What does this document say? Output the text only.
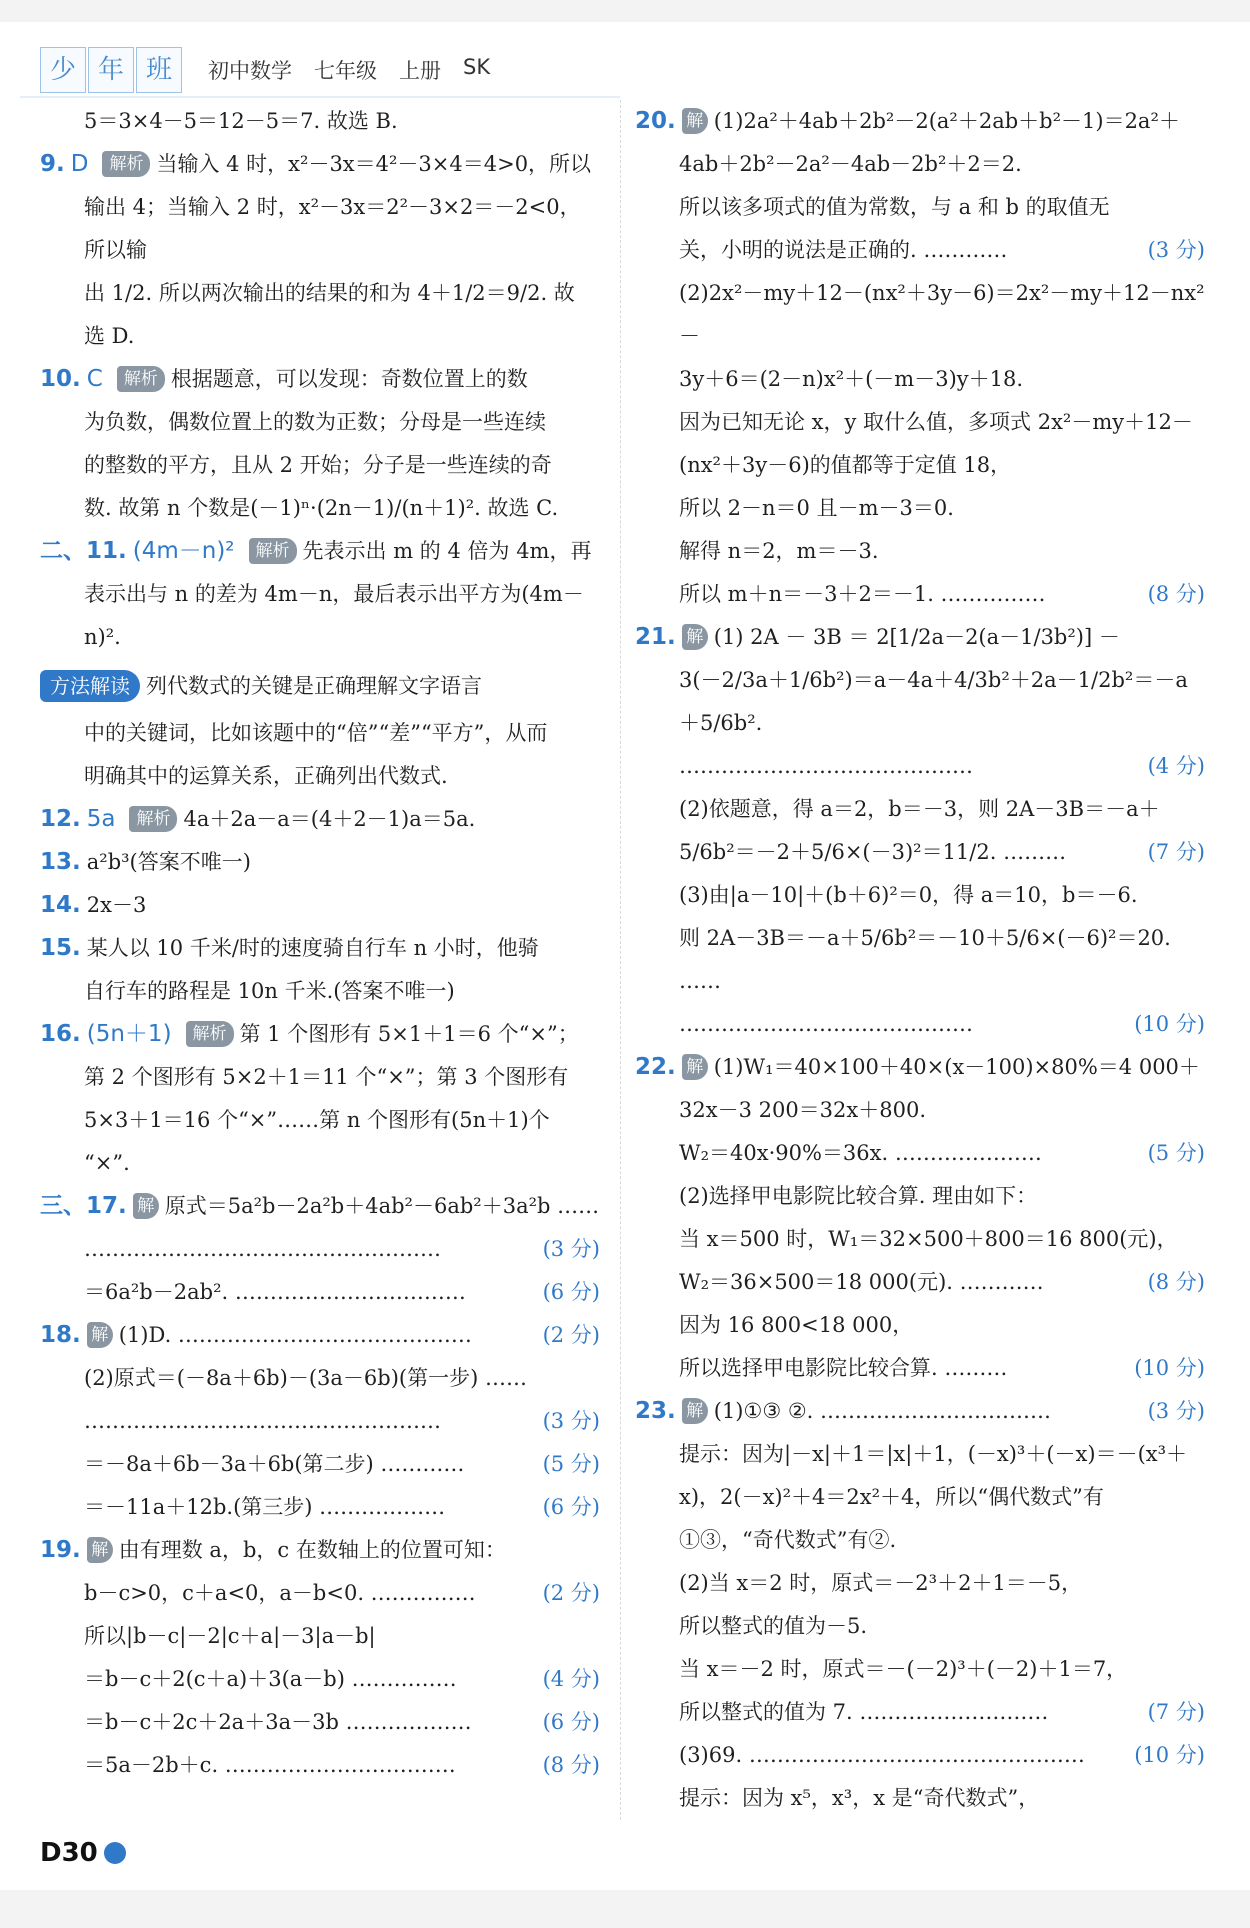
少 年 班	初中数学 七年级 上册 SK
5＝3×4－5＝12－5＝7. 故选 B.
9. D 解析 当输入 4 时，x²－3x＝4²－3×4＝4>0，所以
输出 4；当输入 2 时，x²－3x＝2²－3×2＝－2<0，所以输
出 1/2. 所以两次输出的结果的和为 4＋1/2＝9/2. 故
选 D.
10. C 解析 根据题意，可以发现：奇数位置上的数
为负数，偶数位置上的数为正数；分母是一些连续
的整数的平方，且从 2 开始；分子是一些连续的奇
数. 故第 n 个数是(－1)ⁿ·(2n－1)/(n＋1)². 故选 C.
二、11. (4m－n)² 解析 先表示出 m 的 4 倍为 4m，再
表示出与 n 的差为 4m－n，最后表示出平方为(4m－
n)².
方法解读 列代数式的关键是正确理解文字语言
中的关键词，比如该题中的“倍”“差”“平方”，从而
明确其中的运算关系，正确列出代数式.
12. 5a 解析 4a＋2a－a＝(4＋2－1)a＝5a.
13. a²b³(答案不唯一)
14. 2x－3
15. 某人以 10 千米/时的速度骑自行车 n 小时，他骑
自行车的路程是 10n 千米.(答案不唯一)
16. (5n＋1) 解析 第 1 个图形有 5×1＋1＝6 个“×”；
第 2 个图形有 5×2＋1＝11 个“×”；第 3 个图形有
5×3＋1＝16 个“×”……第 n 个图形有(5n＋1)个
“×”.
三、17. 解 原式＝5a²b－2a²b＋4ab²－6ab²＋3a²b ……
……………………………………………	(3 分)
＝6a²b－2ab². ……………………………	(6 分)
18. 解 (1)D. ……………………………………	(2 分)
(2)原式＝(－8a＋6b)－(3a－6b)(第一步) ……
……………………………………………	(3 分)
＝－8a＋6b－3a＋6b(第二步) …………	(5 分)
＝－11a＋12b.(第三步) ………………	(6 分)
19. 解 由有理数 a，b，c 在数轴上的位置可知：
b－c>0，c＋a<0，a－b<0. ……………	(2 分)
所以|b－c|－2|c＋a|－3|a－b|
＝b－c＋2(c＋a)＋3(a－b) ……………	(4 分)
＝b－c＋2c＋2a＋3a－3b ………………	(6 分)
＝5a－2b＋c. ……………………………	(8 分)
20. 解 (1)2a²＋4ab＋2b²－2(a²＋2ab＋b²－1)＝2a²＋
4ab＋2b²－2a²－4ab－2b²＋2＝2.
所以该多项式的值为常数，与 a 和 b 的取值无
关，小明的说法是正确的. …………	(3 分)
(2)2x²－my＋12－(nx²＋3y－6)＝2x²－my＋12－nx²－
3y＋6＝(2－n)x²＋(－m－3)y＋18.
因为已知无论 x，y 取什么值，多项式 2x²－my＋12－
(nx²＋3y－6)的值都等于定值 18，
所以 2－n＝0 且－m－3＝0.
解得 n＝2，m＝－3.
所以 m＋n＝－3＋2＝－1. ……………	(8 分)
21. 解 (1) 2A － 3B ＝ 2[1/2a－2(a－1/3b²)] －
3(－2/3a＋1/6b²)＝a－4a＋4/3b²＋2a－1/2b²＝－a＋5/6b².
……………………………………	(4 分)
(2)依题意，得 a＝2，b＝－3，则 2A－3B＝－a＋
5/6b²＝－2＋5/6×(－3)²＝11/2. ………	(7 分)
(3)由|a－10|＋(b＋6)²＝0，得 a＝10，b＝－6.
则 2A－3B＝－a＋5/6b²＝－10＋5/6×(－6)²＝20. ……
……………………………………	(10 分)
22. 解 (1)W₁＝40×100＋40×(x－100)×80%＝4 000＋
32x－3 200＝32x＋800.
W₂＝40x·90%＝36x. …………………	(5 分)
(2)选择甲电影院比较合算. 理由如下：
当 x＝500 时，W₁＝32×500＋800＝16 800(元)，
W₂＝36×500＝18 000(元). …………	(8 分)
因为 16 800<18 000，
所以选择甲电影院比较合算. ………	(10 分)
23. 解 (1)①③ ②. ……………………………	(3 分)
提示：因为|－x|＋1＝|x|＋1，(－x)³＋(－x)＝－(x³＋
x)，2(－x)²＋4＝2x²＋4，所以“偶代数式”有
①③，“奇代数式”有②.
(2)当 x＝2 时，原式＝－2³＋2＋1＝－5，
所以整式的值为－5.
当 x＝－2 时，原式＝－(－2)³＋(－2)＋1＝7，
所以整式的值为 7. ………………………	(7 分)
(3)69. ………………………………………… (10 分)
提示：因为 x⁵，x³，x 是“奇代数式”，
D30
